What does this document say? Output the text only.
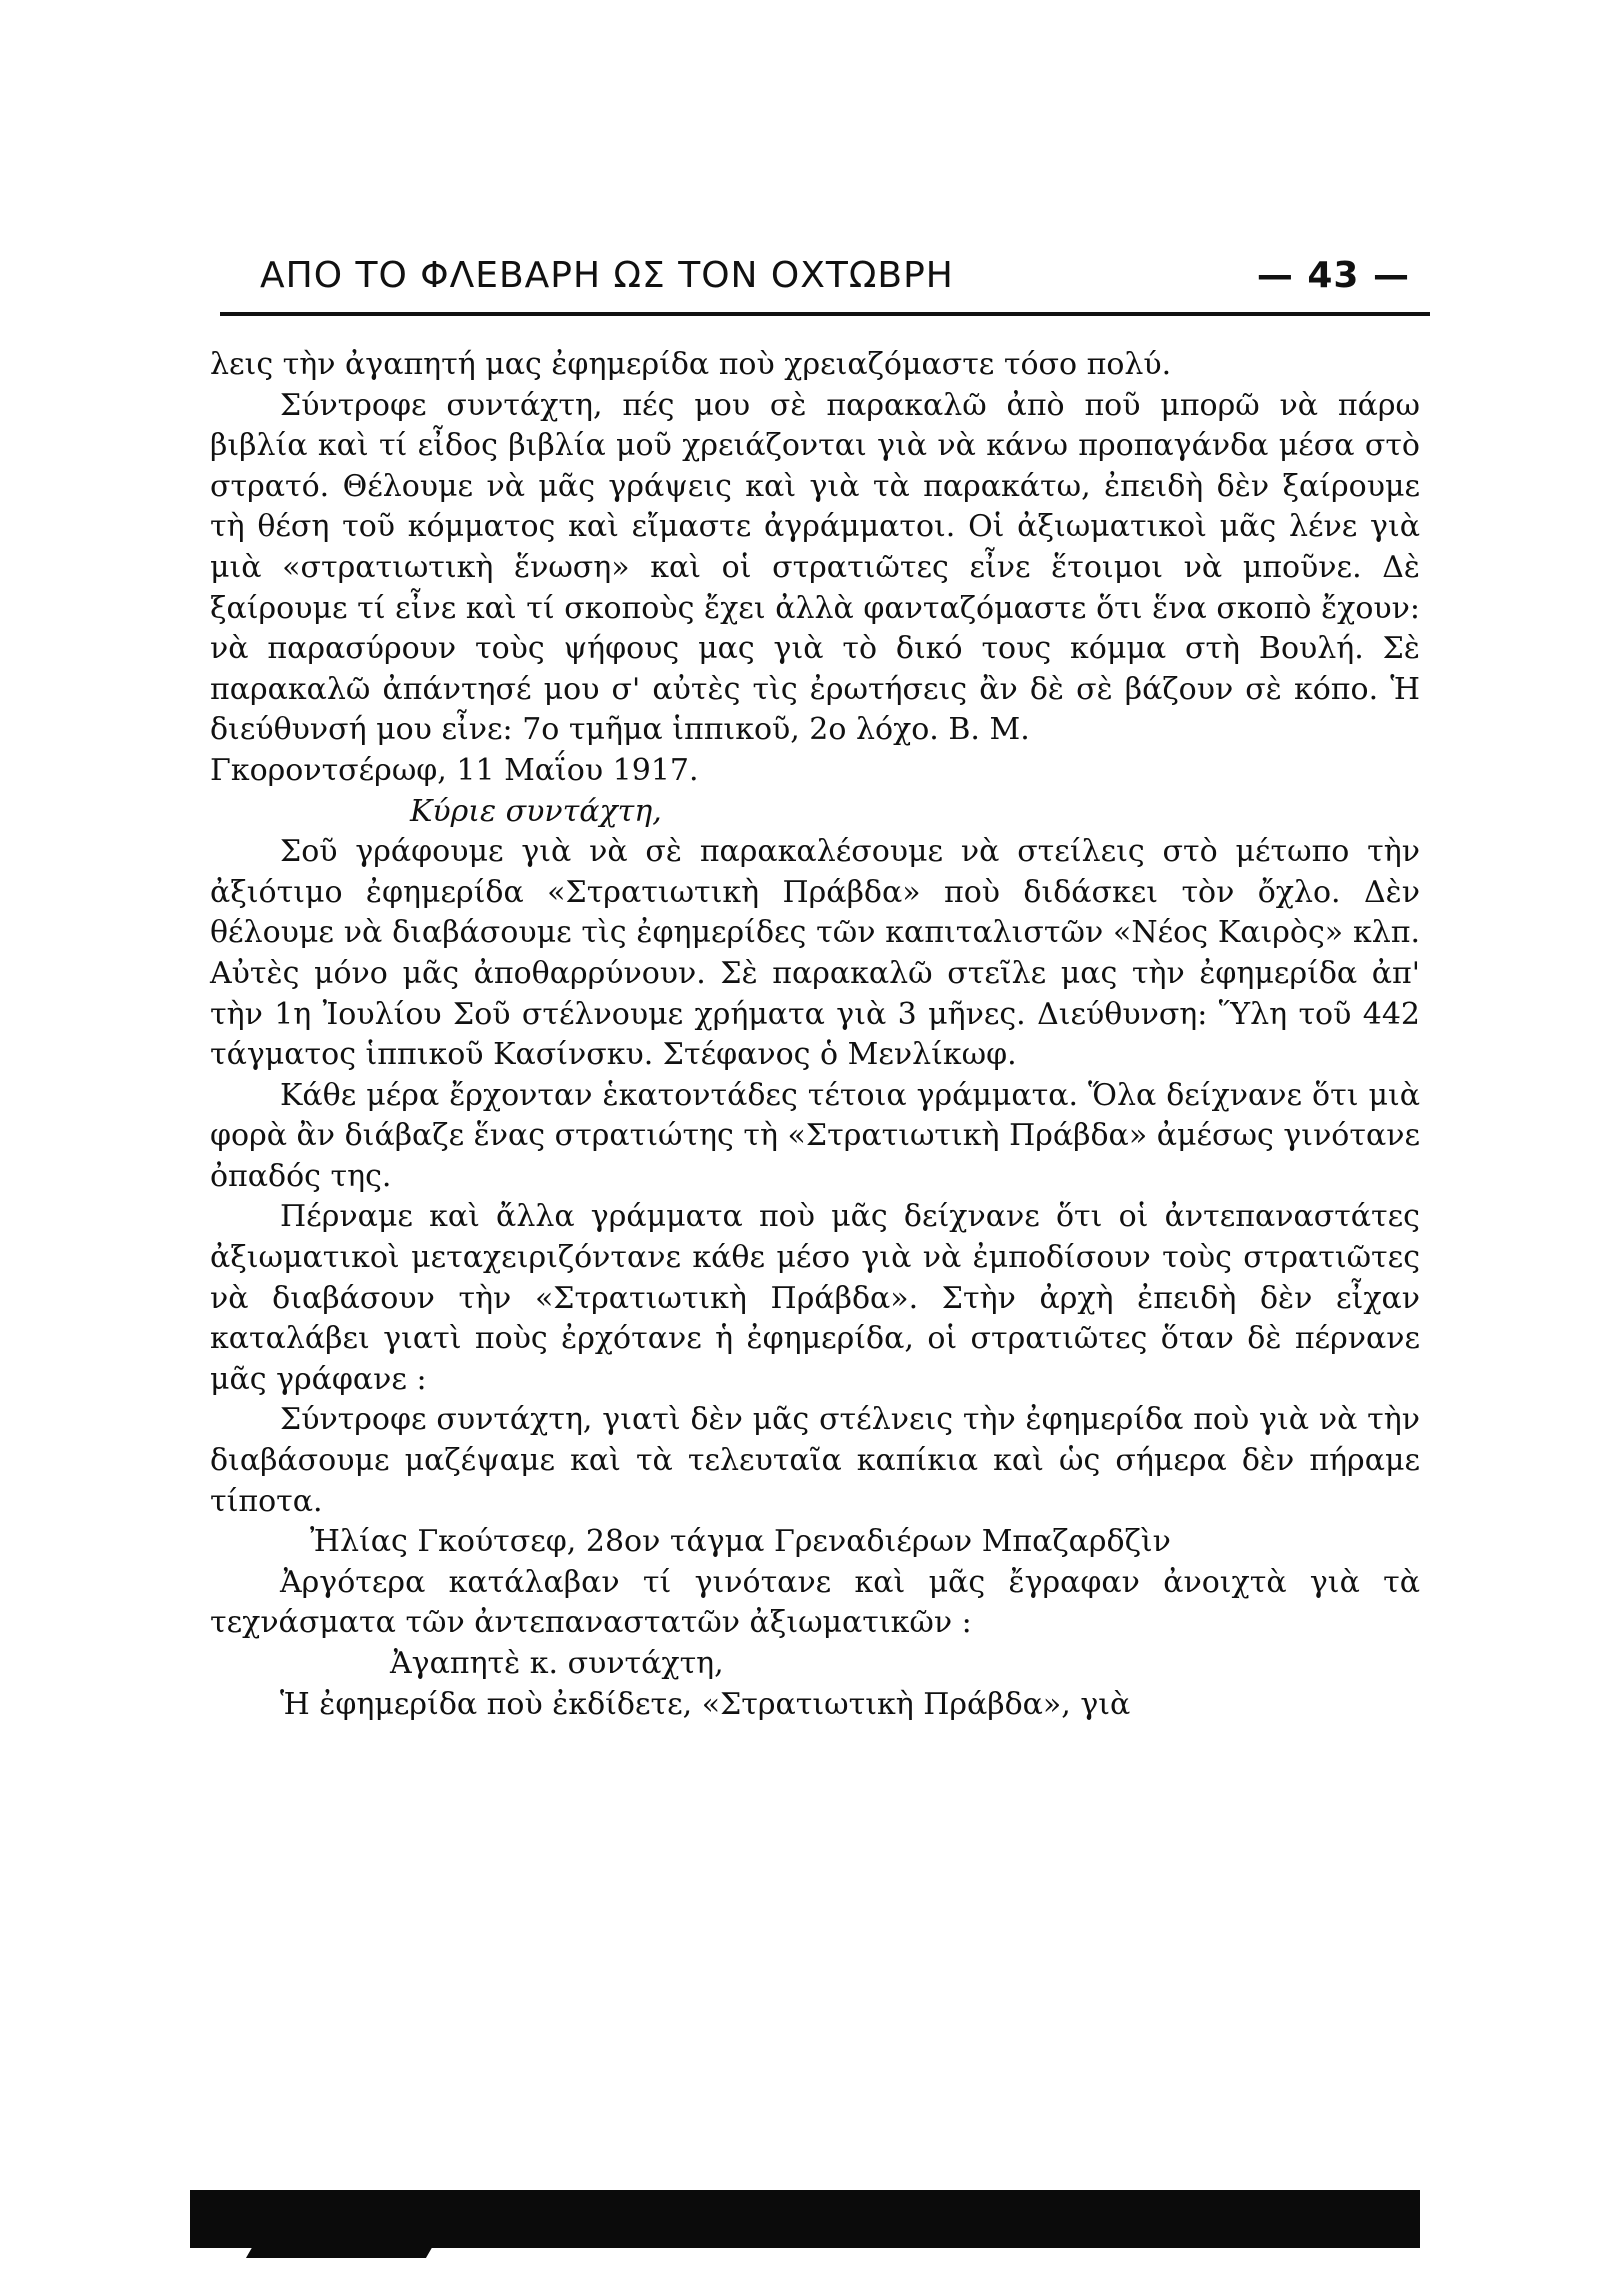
ΑΠΟ ΤΟ ΦΛΕΒΑΡΗ ΩΣ ΤΟΝ ΟΧΤΩΒΡΗ	— 43 —

λεις τὴν ἀγαπητή μας ἐφημερίδα ποὺ χρειαζόμαστε τόσο πολύ.

Σύντροφε συντάχτη, πές μου σὲ παρακαλῶ ἀπὸ ποῦ μπορῶ νὰ πάρω βιβλία καὶ τί εἶδος βιβλία μοῦ χρειάζονται γιὰ νὰ κάνω προπαγάνδα μέσα στὸ στρατό. Θέλουμε νὰ μᾶς γράψεις καὶ γιὰ τὰ παρακάτω, ἐπειδὴ δὲν ξαίρουμε τὴ θέση τοῦ κόμματος καὶ εἴμαστε ἀγράμματοι. Οἱ ἀξιωματικοὶ μᾶς λένε γιὰ μιὰ «στρατιωτικὴ ἕνωση» καὶ οἱ στρατιῶτες εἶνε ἕτοιμοι νὰ μποῦνε. Δὲ ξαίρουμε τί εἶνε καὶ τί σκοποὺς ἔχει ἀλλὰ φανταζόμαστε ὅτι ἕνα σκοπὸ ἔχουν: νὰ παρασύρουν τοὺς ψήφους μας γιὰ τὸ δικό τους κόμμα στὴ Βουλή. Σὲ παρακαλῶ ἀπάντησέ μου σ' αὐτὲς τὶς ἐρωτήσεις ἂν δὲ σὲ βάζουν σὲ κόπο. Ἡ διεύθυνσή μου εἶνε: 7ο τμῆμα ἱππικοῦ, 2ο λόχο. Β. Μ.

Γκοροντσέρωφ, 11 Μαΐου 1917.

Κύριε συντάχτη,

Σοῦ γράφουμε γιὰ νὰ σὲ παρακαλέσουμε νὰ στείλεις στὸ μέτωπο τὴν ἀξιότιμο ἐφημερίδα «Στρατιωτικὴ Πράβδα» ποὺ διδάσκει τὸν ὄχλο. Δὲν θέλουμε νὰ διαβάσουμε τὶς ἐφημερίδες τῶν καπιταλιστῶν «Νέος Καιρὸς» κλπ. Αὐτὲς μόνο μᾶς ἀποθαρρύνουν. Σὲ παρακαλῶ στεῖλε μας τὴν ἐφημερίδα ἀπ' τὴν 1η Ἰουλίου Σοῦ στέλνουμε χρήματα γιὰ 3 μῆνες. Διεύθυνση: Ὕλη τοῦ 442 τάγματος ἱππικοῦ Κασίνσκυ. Στέφανος ὁ Μενλίκωφ.

Κάθε μέρα ἔρχονταν ἑκατοντάδες τέτοια γράμματα. Ὅλα δείχνανε ὅτι μιὰ φορὰ ἂν διάβαζε ἕνας στρατιώτης τὴ «Στρατιωτικὴ Πράβδα» ἀμέσως γινότανε ὀπαδός της.

Πέρναμε καὶ ἄλλα γράμματα ποὺ μᾶς δείχνανε ὅτι οἱ ἀντεπαναστάτες ἀξιωματικοὶ μεταχειριζόντανε κάθε μέσο γιὰ νὰ ἐμποδίσουν τοὺς στρατιῶτες νὰ διαβάσουν τὴν «Στρατιωτικὴ Πράβδα». Στὴν ἀρχὴ ἐπειδὴ δὲν εἶχαν καταλάβει γιατὶ ποὺς ἐρχότανε ἡ ἐφημερίδα, οἱ στρατιῶτες ὅταν δὲ πέρνανε μᾶς γράφανε :

Σύντροφε συντάχτη, γιατὶ δὲν μᾶς στέλνεις τὴν ἐφημερίδα ποὺ γιὰ νὰ τὴν διαβάσουμε μαζέψαμε καὶ τὰ τελευταῖα καπίκια καὶ ὡς σήμερα δὲν πήραμε τίποτα.

Ἠλίας Γκούτσεφ, 28ον τάγμα Γρεναδιέρων Μπαζαρδζὶν

Ἀργότερα κατάλαβαν τί γινότανε καὶ μᾶς ἔγραφαν ἀνοιχτὰ γιὰ τὰ τεχνάσματα τῶν ἀντεπαναστατῶν ἀξιωματικῶν :

Ἀγαπητὲ κ. συντάχτη,

Ἡ ἐφημερίδα ποὺ ἐκδίδετε, «Στρατιωτικὴ Πράβδα», γιὰ
